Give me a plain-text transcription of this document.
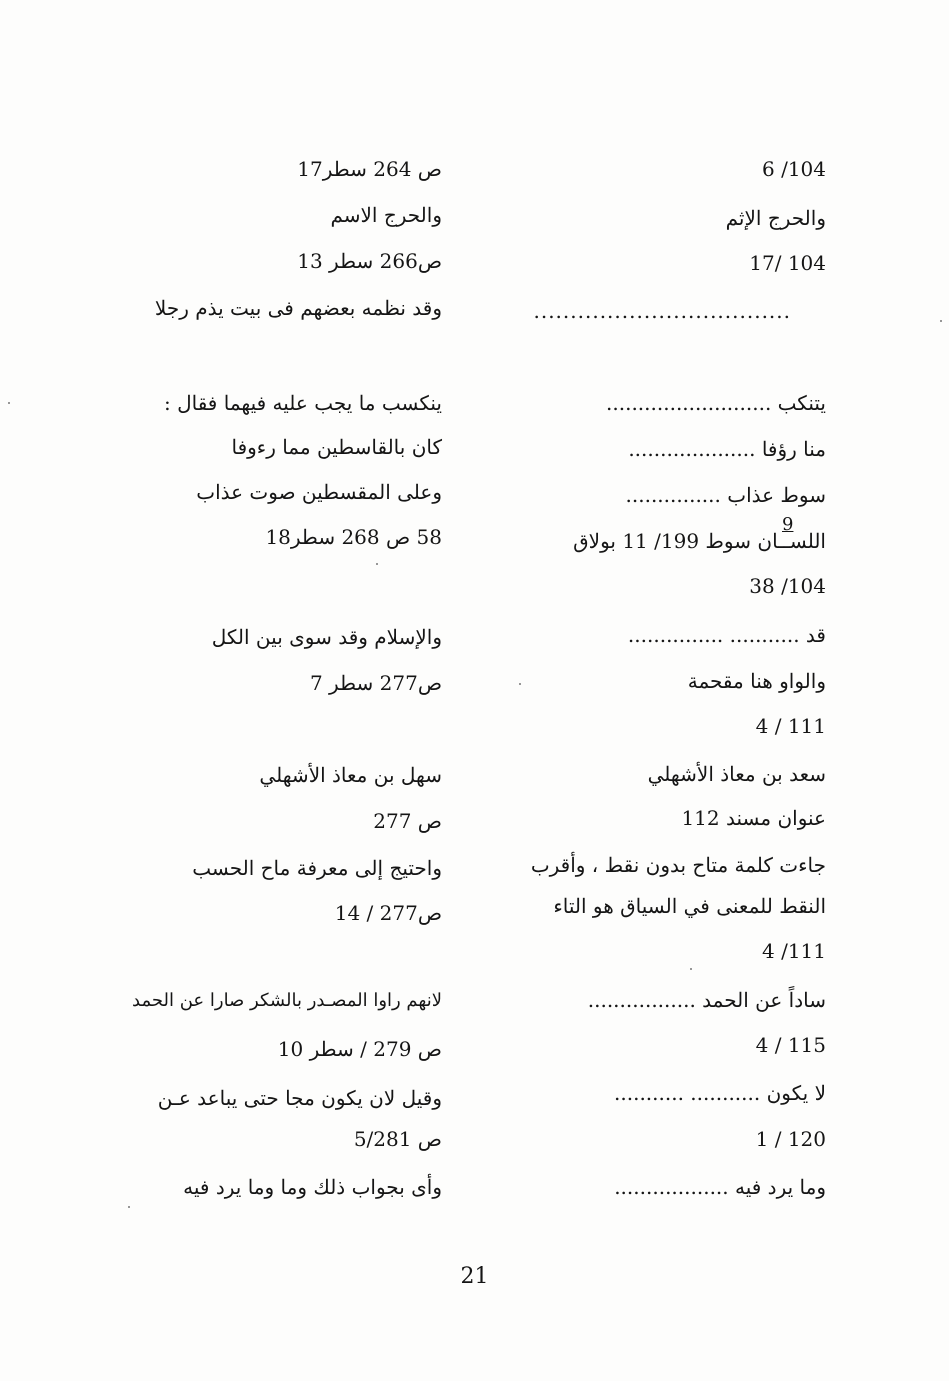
6 /104
والحرج الإثم
17/ 104
...................................
يتنكب ..........................
منا رؤفا ....................
سوط عذاب ...............
اللســان سوط 199/ 11 بولاق
9
38 /104
قد ........... ...............
والواو هنا مقحمة
4 / 111
سعد بن معاذ الأشهلي
عنوان مسند 112
جاءت كلمة متاح بدون نقط ، وأقرب
النقط للمعنى في السياق هو التاء
4 /111
ساداً عن الحمد .................
4 / 115
لا يكون ........... ...........
1 / 120
وما يرد فيه ..................
ص 264 سطر17
والحرج الاسم
ص266 سطر 13
وقد نظمه بعضهم فى بيت يذم رجلا
ينكسب ما يجب عليه فيهما فقال :
كان بالقاسطين مما رءوفا
وعلى المقسطين صوت عذاب
58 ص 268 سطر18
والإسلام وقد سوى بين الكل
ص277 سطر 7
سهل بن معاذ الأشهلي
ص 277
واحتيج إلى معرفة ماح الحسب
ص277 / 14
لانهم راوا المصـدر بالشكر صارا عن الحمد
ص 279 / سطر 10
وقيل لان يكون مجا حتى يباعد عـن
ص 5/281
وأى بجواب ذلك وما وما يرد فيه
21
